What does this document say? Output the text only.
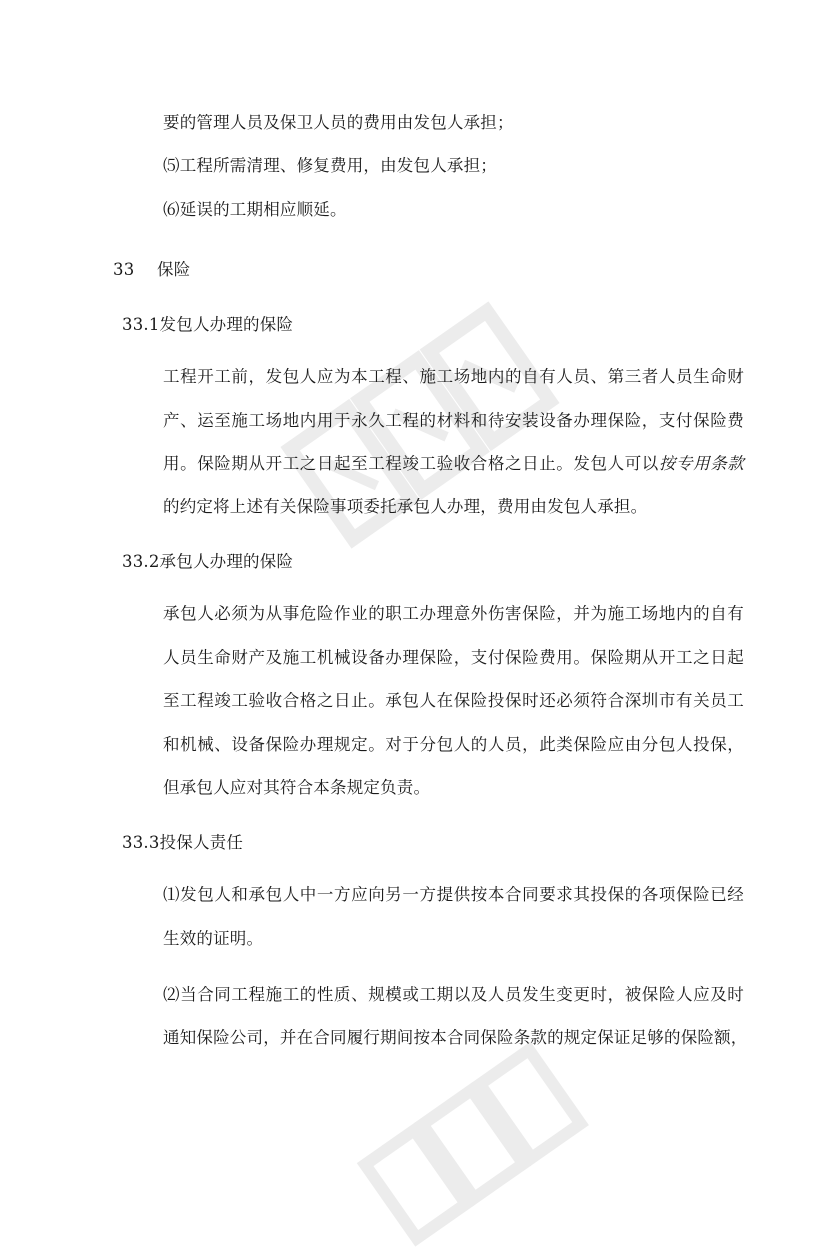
要的管理人员及保卫人员的费用由发包人承担；
⑸工程所需清理、修复费用，由发包人承担；
⑹延误的工期相应顺延。
33 保险
33.1发包人办理的保险
工程开工前，发包人应为本工程、施工场地内的自有人员、第三者人员生命财
产、运至施工场地内用于永久工程的材料和待安装设备办理保险，支付保险费
用。保险期从开工之日起至工程竣工验收合格之日止。发包人可以按专用条款
的约定将上述有关保险事项委托承包人办理，费用由发包人承担。
33.2承包人办理的保险
承包人必须为从事危险作业的职工办理意外伤害保险，并为施工场地内的自有
人员生命财产及施工机械设备办理保险，支付保险费用。保险期从开工之日起
至工程竣工验收合格之日止。承包人在保险投保时还必须符合深圳市有关员工
和机械、设备保险办理规定。对于分包人的人员，此类保险应由分包人投保，
但承包人应对其符合本条规定负责。
33.3投保人责任
⑴发包人和承包人中一方应向另一方提供按本合同要求其投保的各项保险已经
生效的证明。
⑵当合同工程施工的性质、规模或工期以及人员发生变更时，被保险人应及时
通知保险公司，并在合同履行期间按本合同保险条款的规定保证足够的保险额，
